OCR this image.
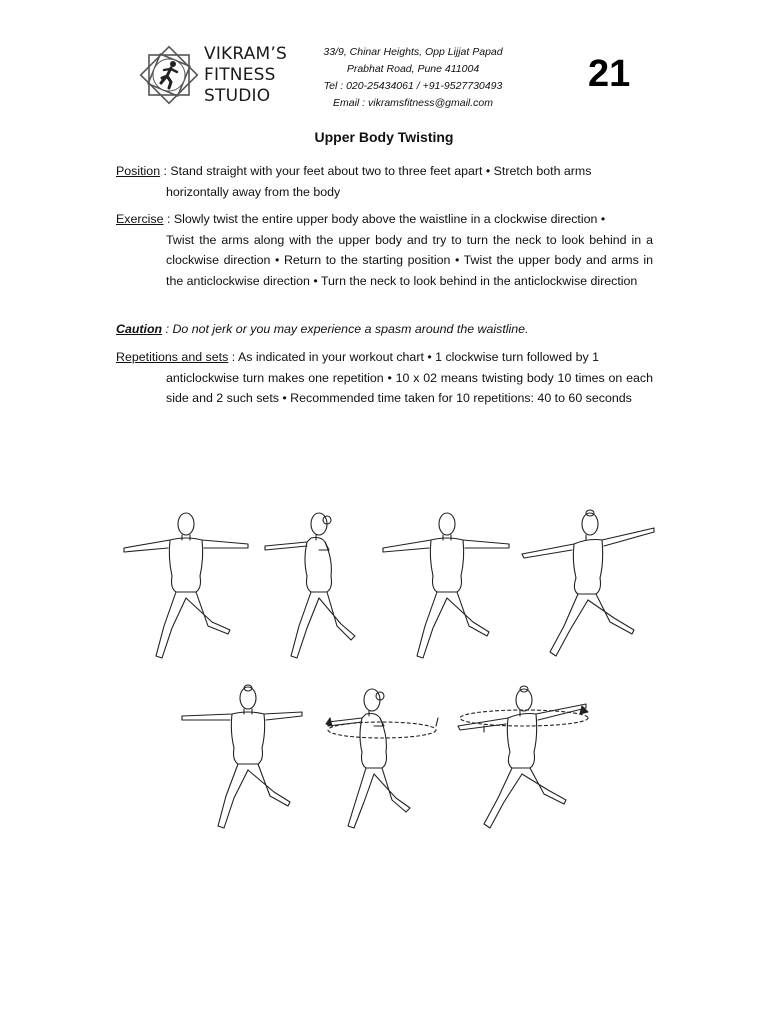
VIKRAM’S
FITNESS
STUDIO
33/9, Chinar Heights, Opp Lijjat Papad
Prabhat Road, Pune 411004
Tel : 020-25434061 / +91-9527730493
Email : vikramsfitness@gmail.com
21
Upper Body Twisting
Position : Stand straight with your feet about two to three feet apart • Stretch both arms
horizontally away from the body
Exercise : Slowly twist the entire upper body above the waistline in a clockwise direction •
Twist the arms along with the upper body and try to turn the neck to look behind in a clockwise direction • Return to the starting position • Twist the upper body and arms in the anticlockwise direction • Turn the neck to look behind in the anticlockwise direction
Caution : Do not jerk or you may experience a spasm around the waistline.
Repetitions and sets : As indicated in your workout chart • 1 clockwise turn followed by 1
anticlockwise turn makes one repetition • 10 x 02 means twisting body 10 times on each side and 2 such sets • Recommended time taken for 10 repetitions: 40 to 60 seconds
